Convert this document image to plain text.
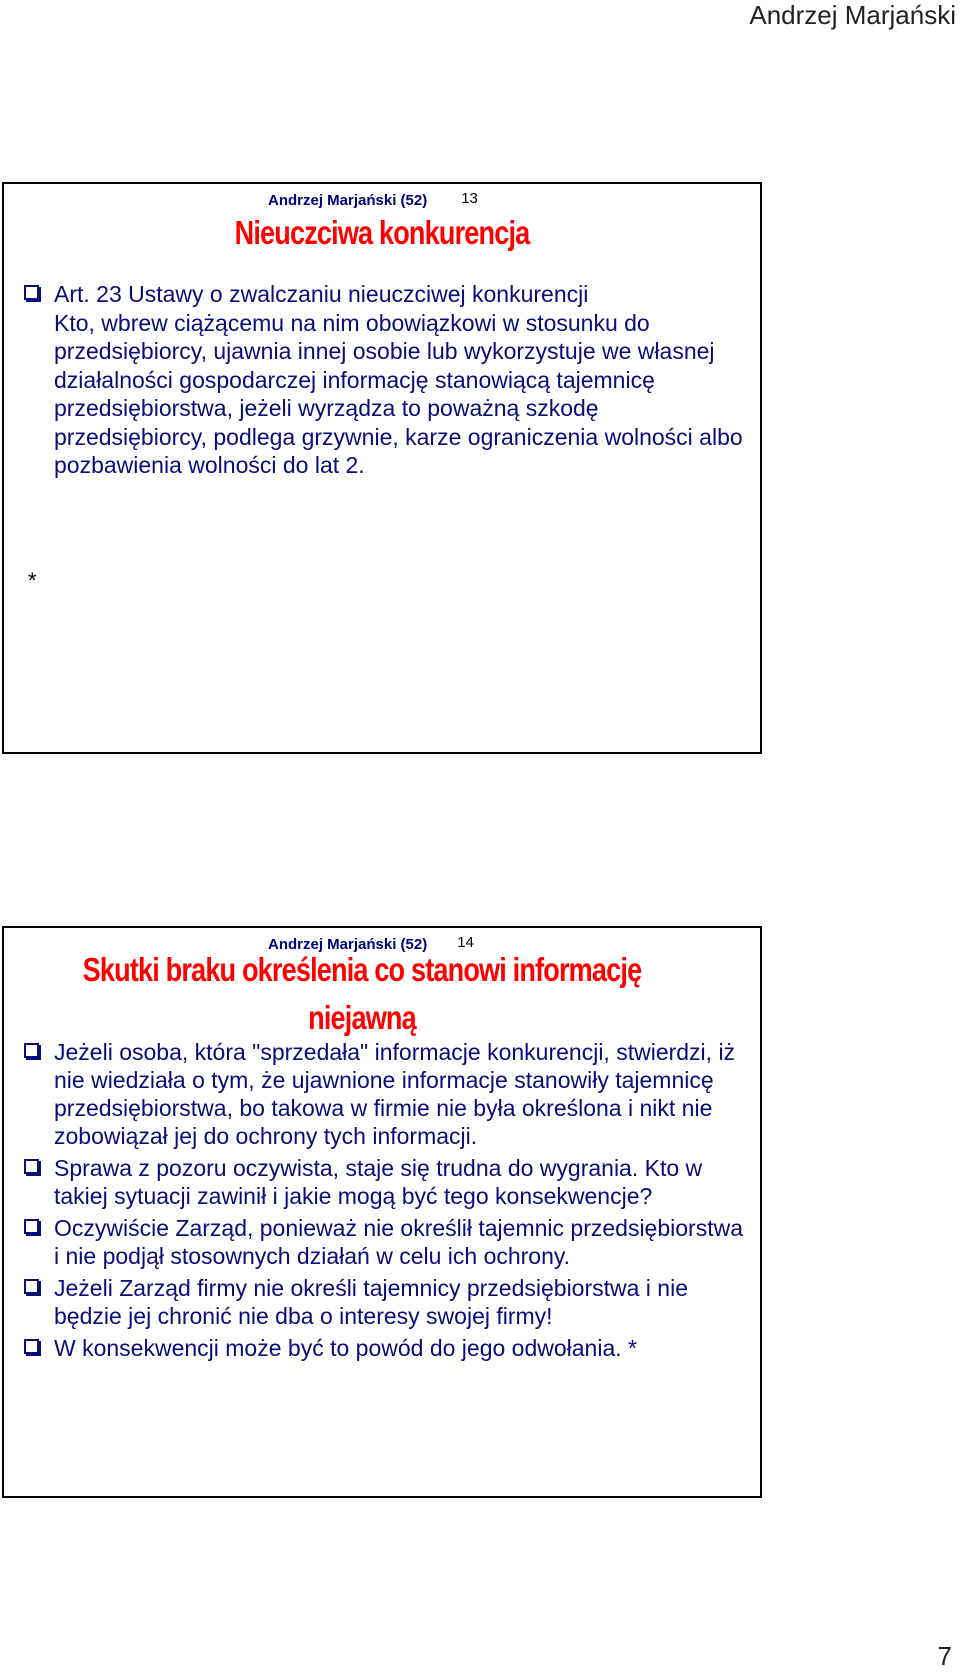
Andrzej Marjański
Andrzej Marjański (52) 13
Nieuczciwa konkurencja
Art. 23 Ustawy o zwalczaniu nieuczciwej konkurencji
Kto, wbrew ciążącemu na nim obowiązkowi w stosunku do przedsiębiorcy, ujawnia innej osobie lub wykorzystuje we własnej działalności gospodarczej informację stanowiącą tajemnicę przedsiębiorstwa, jeżeli wyrządza to poważną szkodę przedsiębiorcy, podlega grzywnie, karze ograniczenia wolności albo pozbawienia wolności do lat 2.
*
Andrzej Marjański (52) 14
Skutki braku określenia co stanowi informację
niejawną
Jeżeli osoba, która "sprzedała" informacje konkurencji, stwierdzi, iż nie wiedziała o tym, że ujawnione informacje stanowiły tajemnicę przedsiębiorstwa, bo takowa w firmie nie była określona i nikt nie zobowiązał jej do ochrony tych informacji.
Sprawa z pozoru oczywista, staje się trudna do wygrania. Kto w takiej sytuacji zawinił i jakie mogą być tego konsekwencje?
Oczywiście Zarząd, ponieważ nie określił tajemnic przedsiębiorstwa i nie podjął stosownych działań w celu ich ochrony.
Jeżeli Zarząd firmy nie określi tajemnicy przedsiębiorstwa i nie będzie jej chronić nie dba o interesy swojej firmy!
W konsekwencji może być to powód do jego odwołania. *
7
